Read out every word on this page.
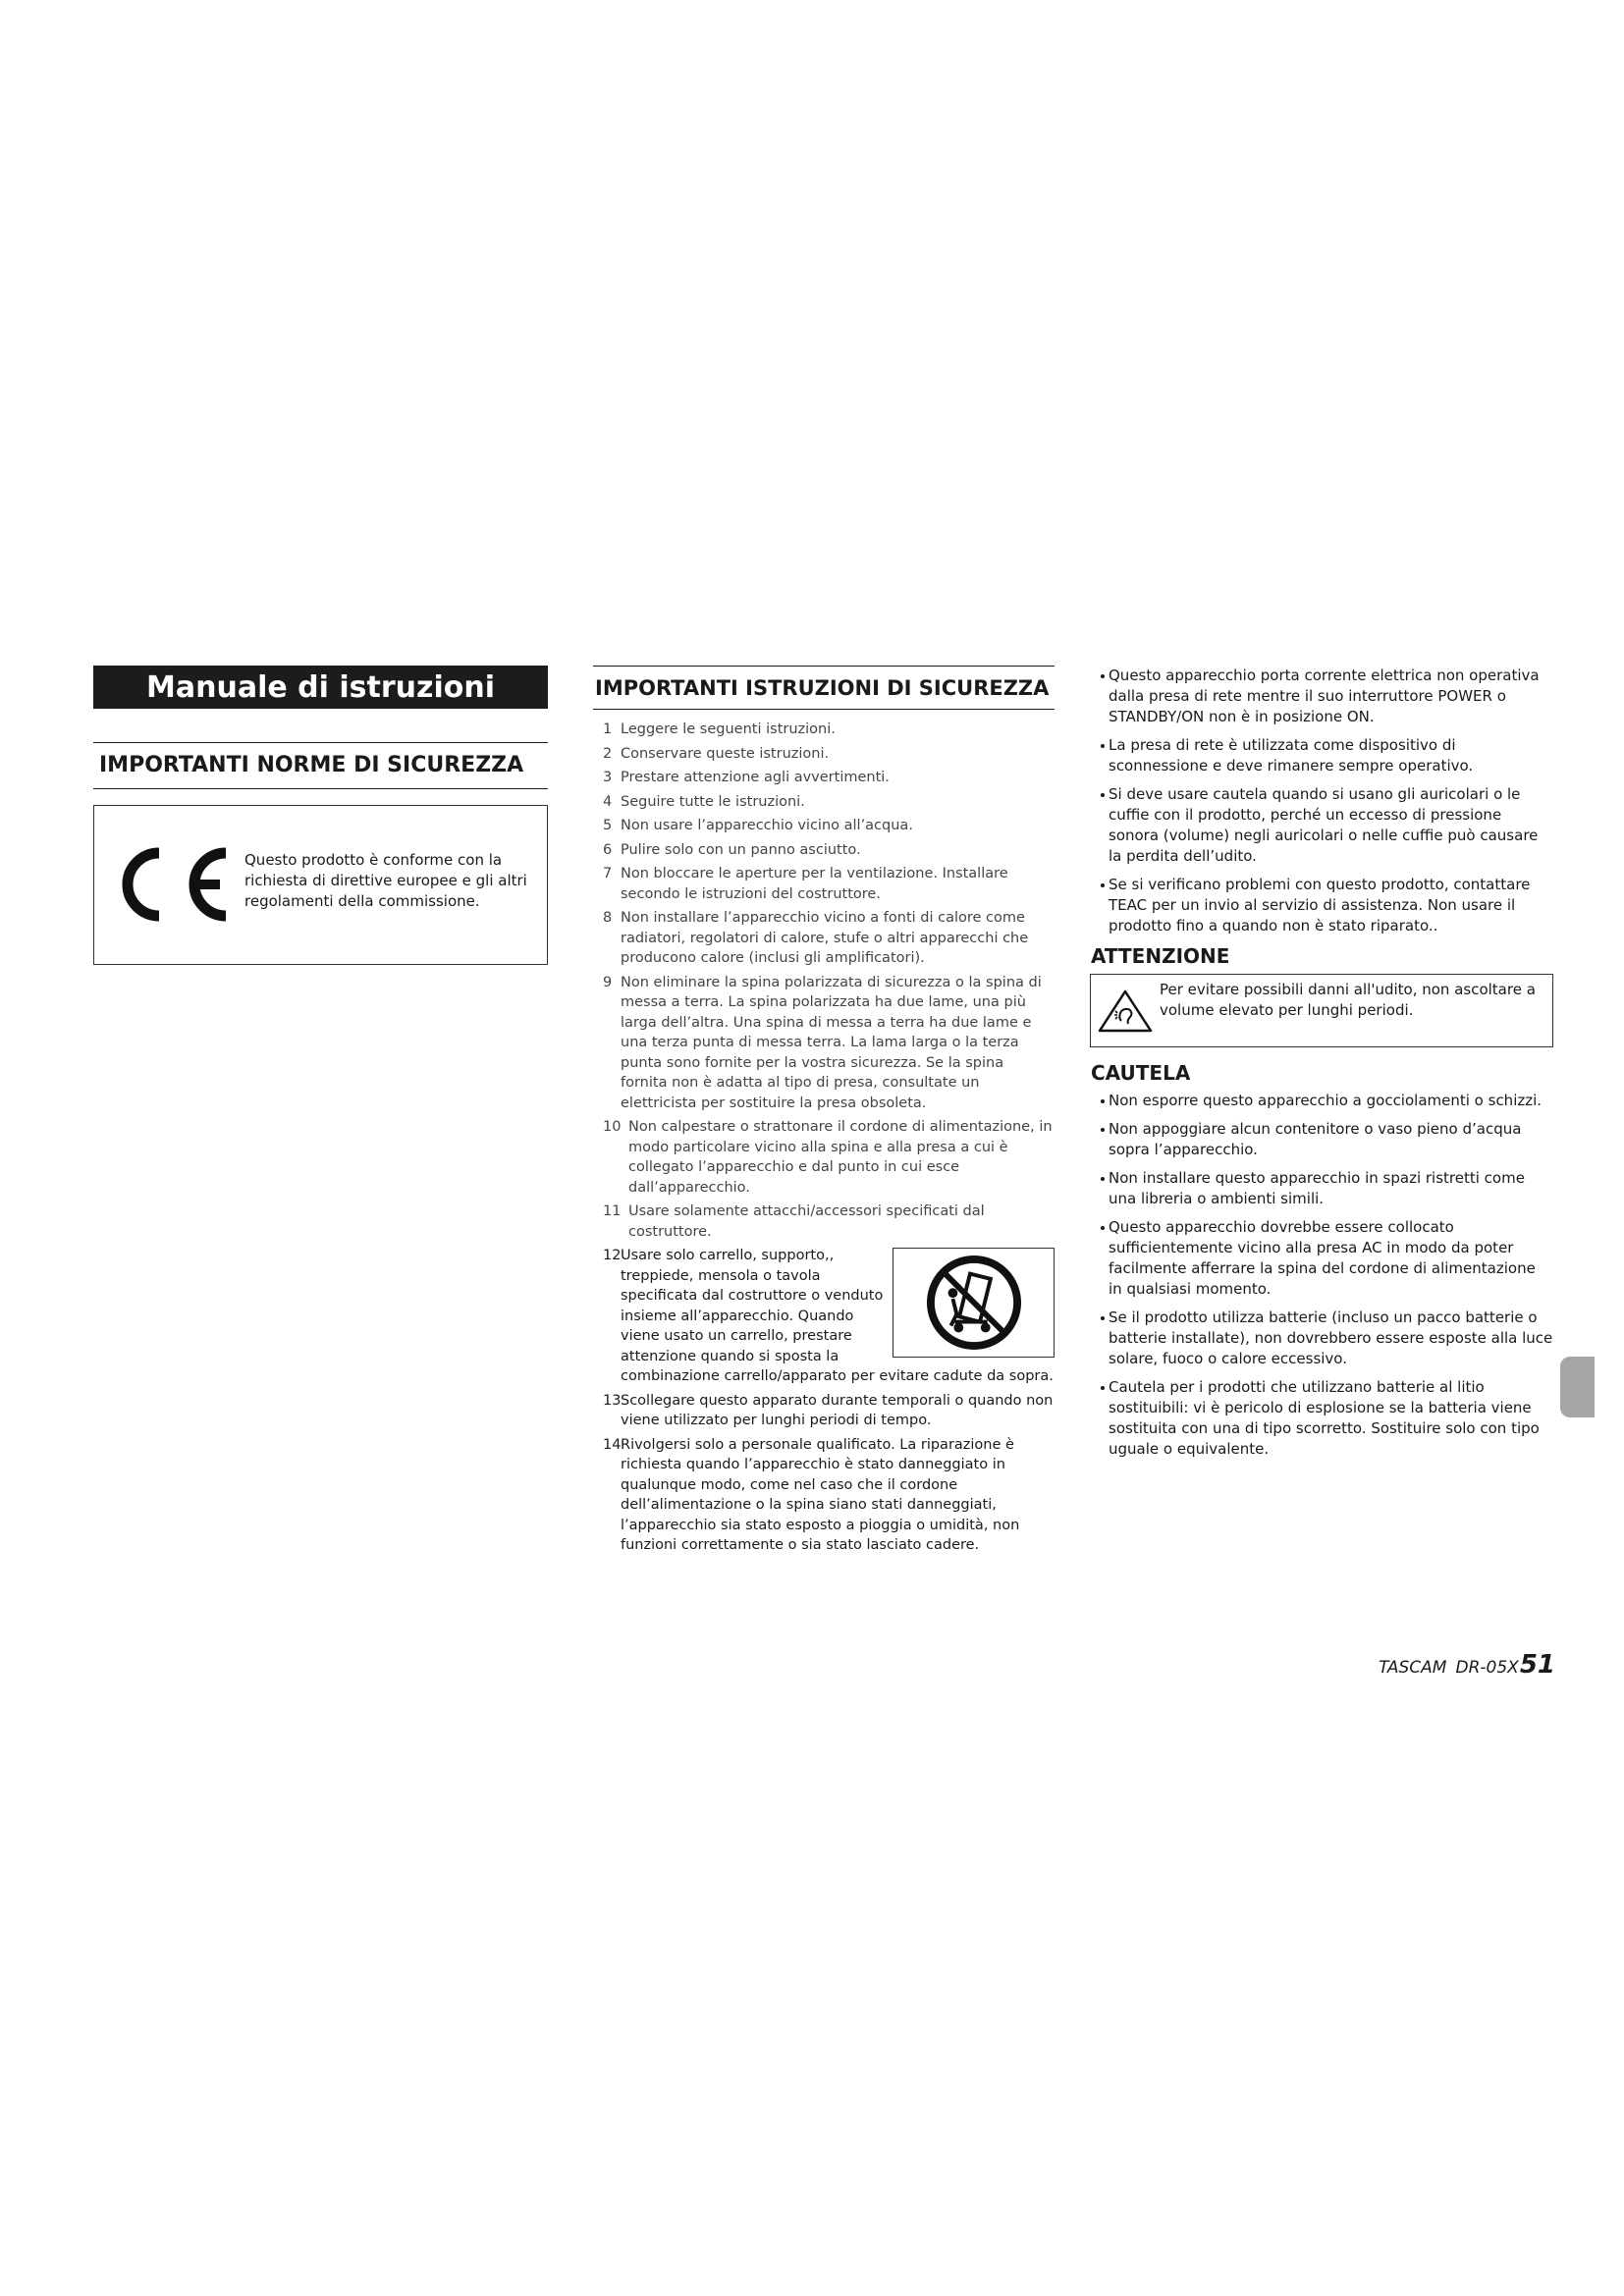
Manuale di istruzioni
IMPORTANTI NORME DI SICUREZZA
Questo prodotto è conforme con la richiesta di direttive europee e gli altri regolamenti della commissione.
IMPORTANTI ISTRUZIONI DI SICUREZZA
1 Leggere le seguenti istruzioni.
2 Conservare queste istruzioni.
3 Prestare attenzione agli avvertimenti.
4 Seguire tutte le istruzioni.
5 Non usare l’apparecchio vicino all’acqua.
6 Pulire solo con un panno asciutto.
7 Non bloccare le aperture per la ventilazione. Installare secondo le istruzioni del costruttore.
8 Non installare l’apparecchio vicino a fonti di calore come radiatori, regolatori di calore, stufe o altri apparecchi che producono calore (inclusi gli amplificatori).
9 Non eliminare la spina polarizzata di sicurezza o la spina di messa a terra. La spina polarizzata ha due lame, una più larga dell’altra. Una spina di messa a terra ha due lame e una terza punta di messa terra. La lama larga o la terza punta sono fornite per la vostra sicurezza. Se la spina fornita non è adatta al tipo di presa, consultate un elettricista per sostituire la presa obsoleta.
10 Non calpestare o strattonare il cordone di alimentazione, in modo particolare vicino alla spina e alla presa a cui è collegato l’apparecchio e dal punto in cui esce dall’apparecchio.
11 Usare solamente attacchi/accessori specificati dal costruttore.
12 Usare solo carrello, supporto,, treppiede, mensola o tavola specificata dal costruttore o venduto insieme all’apparecchio. Quando viene usato un carrello, prestare attenzione quando si sposta la combinazione carrello/apparato per evitare cadute da sopra.
13 Scollegare questo apparato durante temporali o quando non viene utilizzato per lunghi periodi di tempo.
14 Rivolgersi solo a personale qualificato. La riparazione è richiesta quando l’apparecchio è stato danneggiato in qualunque modo, come nel caso che il cordone dell’alimentazione o la spina siano stati danneggiati, l’apparecchio sia stato esposto a pioggia o umidità, non funzioni correttamente o sia stato lasciato cadere.
Questo apparecchio porta corrente elettrica non operativa dalla presa di rete mentre il suo interruttore POWER o STANDBY/ON non è in posizione ON.
La presa di rete è utilizzata come dispositivo di sconnessione e deve rimanere sempre operativo.
Si deve usare cautela quando si usano gli auricolari o le cuffie con il prodotto, perché un eccesso di pressione sonora (volume) negli auricolari o nelle cuffie può causare la perdita dell’udito.
Se si verificano problemi con questo prodotto, contattare TEAC per un invio al servizio di assistenza. Non usare il prodotto fino a quando non è stato riparato..
ATTENZIONE
Per evitare possibili danni all'udito, non ascoltare a volume elevato per lunghi periodi.
CAUTELA
Non esporre questo apparecchio a gocciolamenti o schizzi.
Non appoggiare alcun contenitore o vaso pieno d’acqua sopra l’apparecchio.
Non installare questo apparecchio in spazi ristretti come una libreria o ambienti simili.
Questo apparecchio dovrebbe essere collocato sufficientemente vicino alla presa AC in modo da poter facilmente afferrare la spina del cordone di alimentazione in qualsiasi momento.
Se il prodotto utilizza batterie (incluso un pacco batterie o batterie installate), non dovrebbero essere esposte alla luce solare, fuoco o calore eccessivo.
Cautela per i prodotti che utilizzano batterie al litio sostituibili: vi è pericolo di esplosione se la batteria viene sostituita con una di tipo scorretto. Sostituire solo con tipo uguale o equivalente.
TASCAM DR-05X 51
